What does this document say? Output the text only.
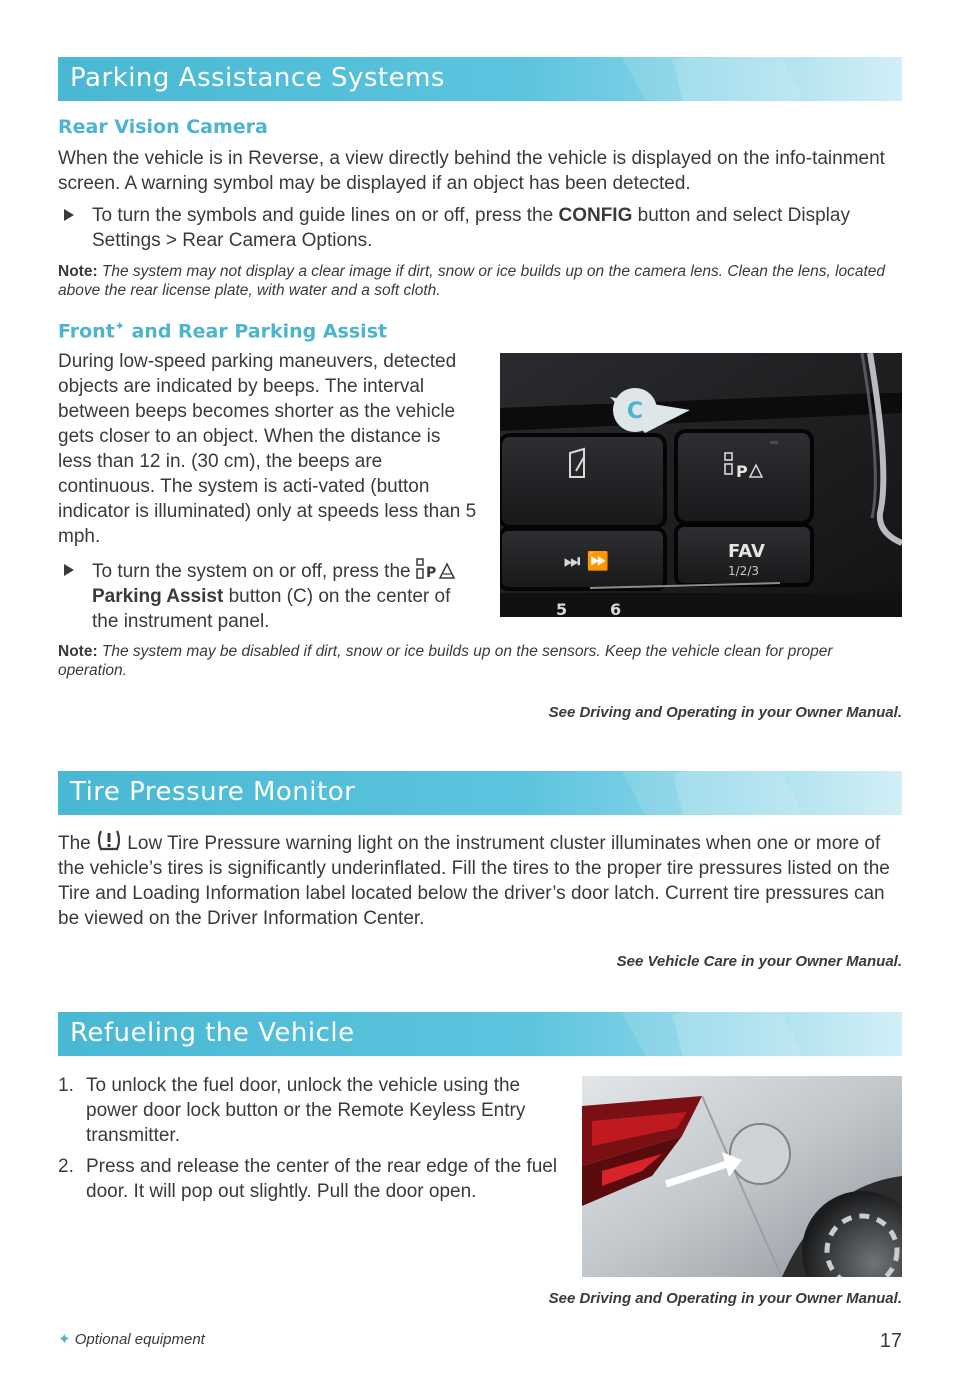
Parking Assistance Systems
Rear Vision Camera

When the vehicle is in Reverse, a view directly behind the vehicle is displayed on the info-tainment screen. A warning symbol may be displayed if an object has been detected.

To turn the symbols and guide lines on or off, press the CONFIG button and select Display Settings > Rear Camera Options.

Note: The system may not display a clear image if dirt, snow or ice builds up on the camera lens. Clean the lens, located above the rear license plate, with water and a soft cloth.

Front✦ and Rear Parking Assist

During low-speed parking maneuvers, detected objects are indicated by beeps. The interval between beeps becomes shorter as the vehicle gets closer to an object. When the distance is less than 12 in. (30 cm), the beeps are continuous. The system is acti-vated (button indicator is illuminated) only at speeds less than 5 mph.

To turn the system on or off, press the P
Parking Assist button (C) on the center of the instrument panel.

P
⏭ ⏩	FAV
1/2/3
5	6
C

Note: The system may be disabled if dirt, snow or ice builds up on the sensors. Keep the vehicle clean for proper operation.

See Driving and Operating in your Owner Manual.

Tire Pressure Monitor

The  Low Tire Pressure warning light on the instrument cluster illuminates when one or more of the vehicle’s tires is significantly underinflated. Fill the tires to the proper tire pressures listed on the Tire and Loading Information label located below the driver’s door latch. Current tire pressures can be viewed on the Driver Information Center.

See Vehicle Care in your Owner Manual.

Refueling the Vehicle
1. To unlock the fuel door, unlock the vehicle using the power door lock button or the Remote Keyless Entry transmitter.

2. Press and release the center of the rear edge of the fuel door. It will pop out slightly. Pull the door open.

See Driving and Operating in your Owner Manual.

✦ Optional equipment	17
